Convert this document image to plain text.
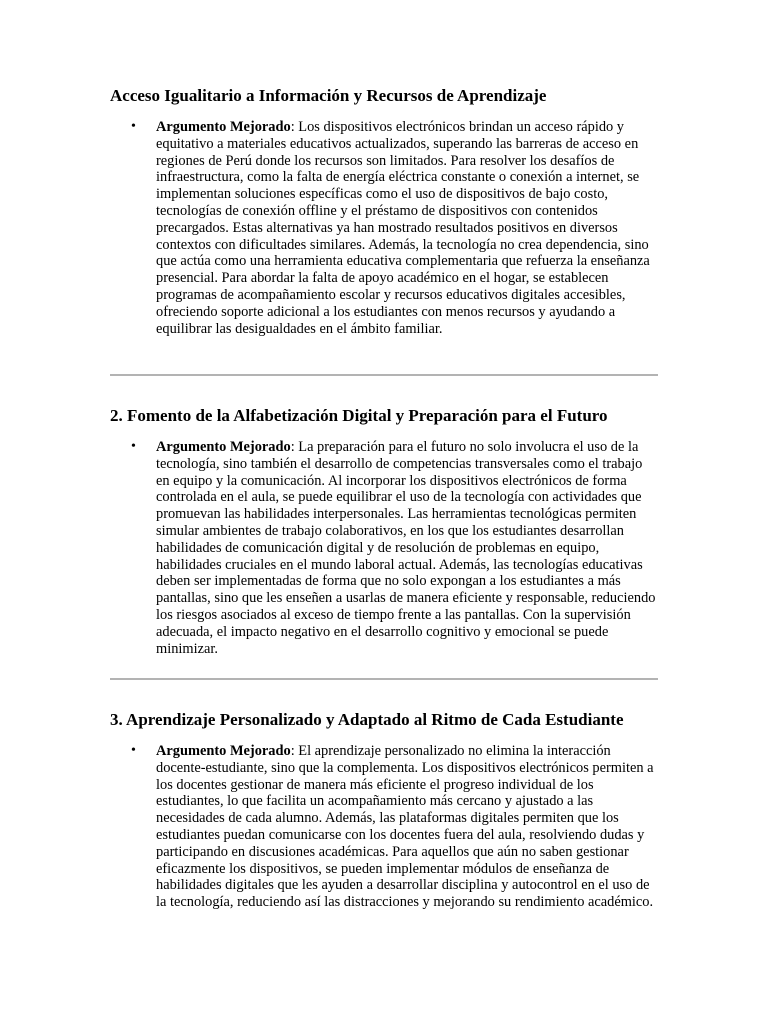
Acceso Igualitario a Información y Recursos de Aprendizaje
• Argumento Mejorado: Los dispositivos electrónicos brindan un acceso rápido y equitativo a materiales educativos actualizados, superando las barreras de acceso en regiones de Perú donde los recursos son limitados. Para resolver los desafíos de infraestructura, como la falta de energía eléctrica constante o conexión a internet, se implementan soluciones específicas como el uso de dispositivos de bajo costo, tecnologías de conexión offline y el préstamo de dispositivos con contenidos precargados. Estas alternativas ya han mostrado resultados positivos en diversos contextos con dificultades similares. Además, la tecnología no crea dependencia, sino que actúa como una herramienta educativa complementaria que refuerza la enseñanza presencial. Para abordar la falta de apoyo académico en el hogar, se establecen programas de acompañamiento escolar y recursos educativos digitales accesibles, ofreciendo soporte adicional a los estudiantes con menos recursos y ayudando a equilibrar las desigualdades en el ámbito familiar.
2. Fomento de la Alfabetización Digital y Preparación para el Futuro
• Argumento Mejorado: La preparación para el futuro no solo involucra el uso de la tecnología, sino también el desarrollo de competencias transversales como el trabajo en equipo y la comunicación. Al incorporar los dispositivos electrónicos de forma controlada en el aula, se puede equilibrar el uso de la tecnología con actividades que promuevan las habilidades interpersonales. Las herramientas tecnológicas permiten simular ambientes de trabajo colaborativos, en los que los estudiantes desarrollan habilidades de comunicación digital y de resolución de problemas en equipo, habilidades cruciales en el mundo laboral actual. Además, las tecnologías educativas deben ser implementadas de forma que no solo expongan a los estudiantes a más pantallas, sino que les enseñen a usarlas de manera eficiente y responsable, reduciendo los riesgos asociados al exceso de tiempo frente a las pantallas. Con la supervisión adecuada, el impacto negativo en el desarrollo cognitivo y emocional se puede minimizar.
3. Aprendizaje Personalizado y Adaptado al Ritmo de Cada Estudiante
• Argumento Mejorado: El aprendizaje personalizado no elimina la interacción docente-estudiante, sino que la complementa. Los dispositivos electrónicos permiten a los docentes gestionar de manera más eficiente el progreso individual de los estudiantes, lo que facilita un acompañamiento más cercano y ajustado a las necesidades de cada alumno. Además, las plataformas digitales permiten que los estudiantes puedan comunicarse con los docentes fuera del aula, resolviendo dudas y participando en discusiones académicas. Para aquellos que aún no saben gestionar eficazmente los dispositivos, se pueden implementar módulos de enseñanza de habilidades digitales que les ayuden a desarrollar disciplina y autocontrol en el uso de la tecnología, reduciendo así las distracciones y mejorando su rendimiento académico.
